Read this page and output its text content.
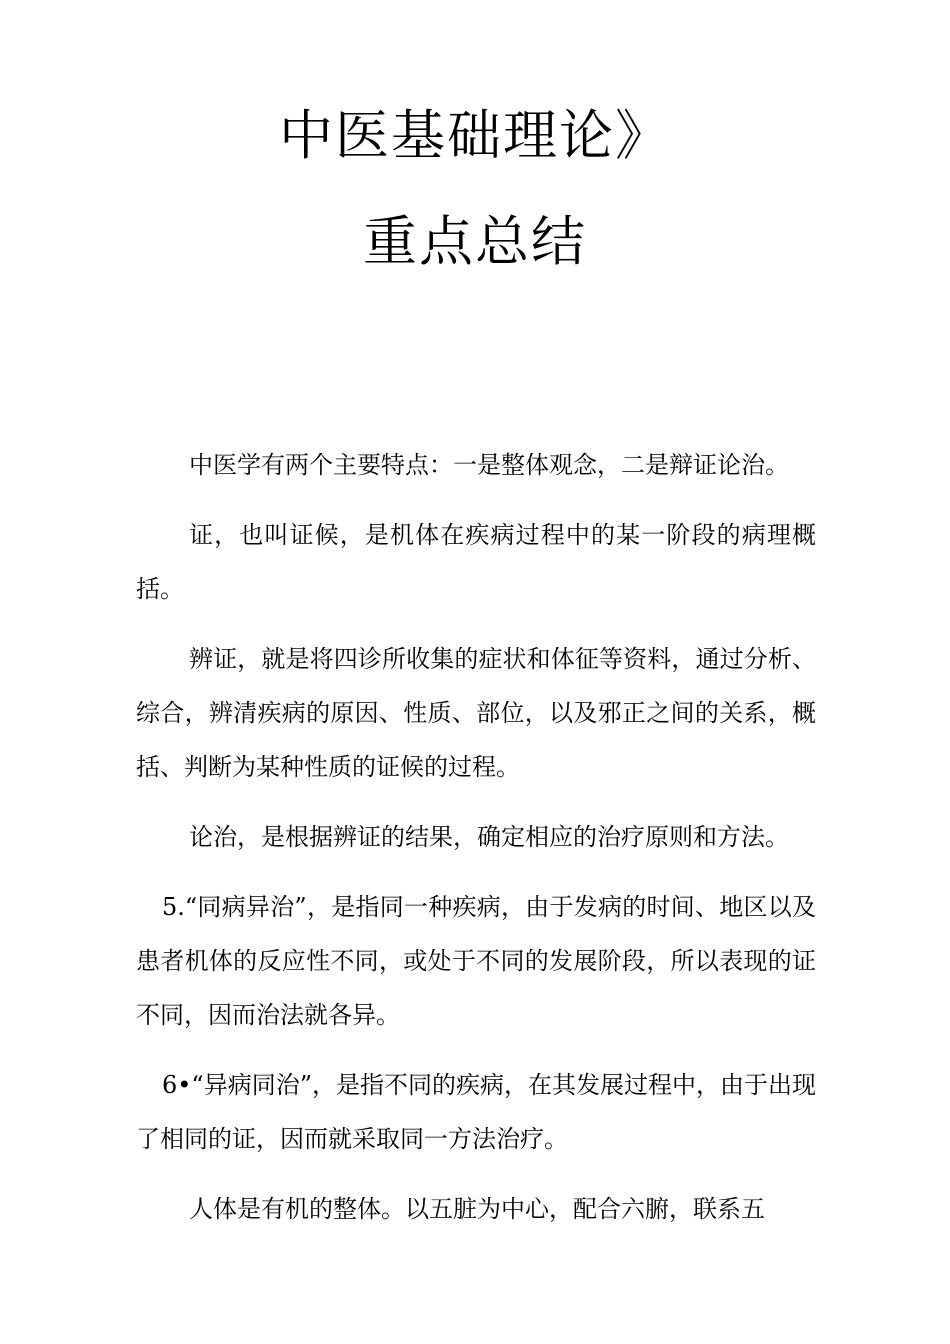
中医基础理论》
重点总结

中医学有两个主要特点：一是整体观念，二是辩证论治。

证，也叫证候，是机体在疾病过程中的某一阶段的病理概括。

辨证，就是将四诊所收集的症状和体征等资料，通过分析、综合，辨清疾病的原因、性质、部位，以及邪正之间的关系，概括、判断为某种性质的证候的过程。

论治，是根据辨证的结果，确定相应的治疗原则和方法。

5.“同病异治”，是指同一种疾病，由于发病的时间、地区以及患者机体的反应性不同，或处于不同的发展阶段，所以表现的证不同，因而治法就各异。

6•“异病同治”，是指不同的疾病，在其发展过程中，由于出现了相同的证，因而就采取同一方法治疗。

人体是有机的整体。以五脏为中心，配合六腑，联系五
